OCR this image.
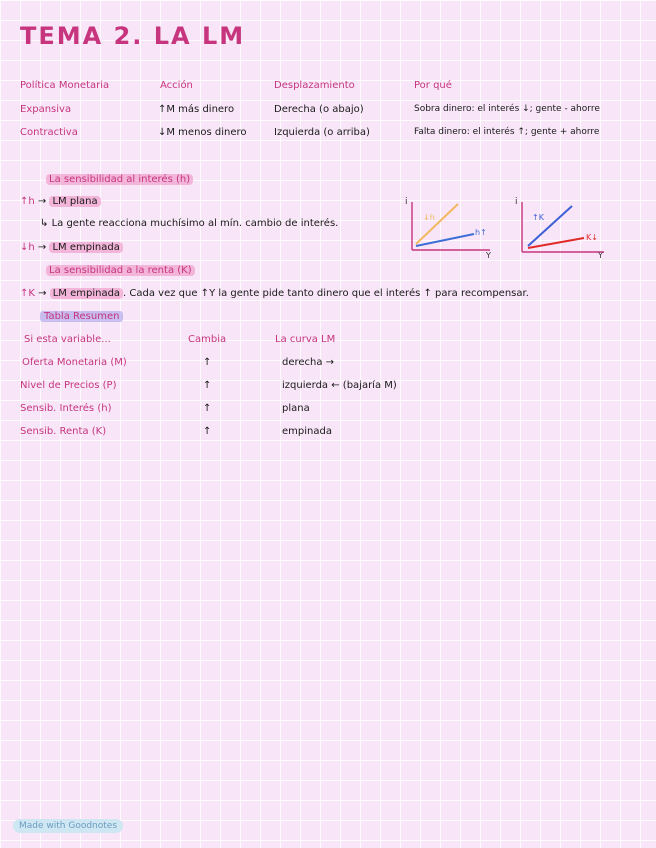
TEMA 2. LA LM
Política Monetaria	Acción	Desplazamiento	Por qué
Expansiva	↑M más dinero	Derecha (o abajo)	Sobra dinero: el interés ↓; gente - ahorre
Contractiva	↓M menos dinero	Izquierda (o arriba)	Falta dinero: el interés ↑; gente + ahorre
La sensibilidad al interés (h)
↑h → LM plana
↳ La gente reacciona muchísimo al mín. cambio de interés.
↓h → LM empinada
La sensibilidad a la renta (K)
↑K → LM empinada . Cada vez que ↑Y la gente pide tanto dinero que el interés ↑ para recompensar.
i
Y
↓h
h↑
i
Y
↑K
K↓
Tabla Resumen
Si esta variable...	Cambia	La curva LM
Oferta Monetaria (M)	↑	derecha →
Nivel de Precios (P)	↑	izquierda ← (bajaría M)
Sensib. Interés (h)	↑	plana
Sensib. Renta (K)	↑	empinada
Made with Goodnotes
